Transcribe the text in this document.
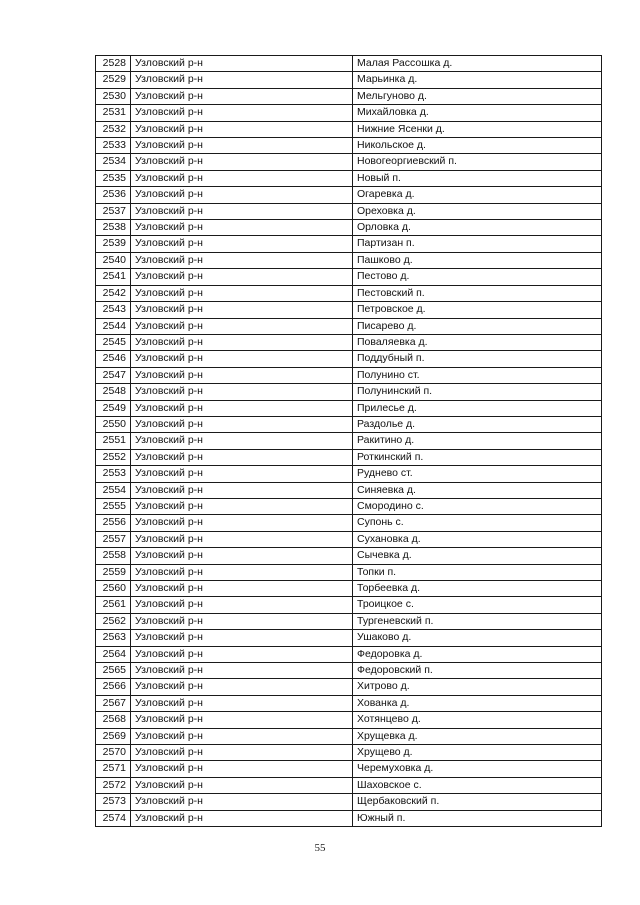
2528	Узловский р-н	Малая Рассошка д.
2529	Узловский р-н	Марьинка д.
2530	Узловский р-н	Мельгуново д.
2531	Узловский р-н	Михайловка д.
2532	Узловский р-н	Нижние Ясенки д.
2533	Узловский р-н	Никольское д.
2534	Узловский р-н	Новогеоргиевский п.
2535	Узловский р-н	Новый п.
2536	Узловский р-н	Огаревка д.
2537	Узловский р-н	Ореховка д.
2538	Узловский р-н	Орловка д.
2539	Узловский р-н	Партизан п.
2540	Узловский р-н	Пашково д.
2541	Узловский р-н	Пестово д.
2542	Узловский р-н	Пестовский п.
2543	Узловский р-н	Петровское д.
2544	Узловский р-н	Писарево д.
2545	Узловский р-н	Поваляевка д.
2546	Узловский р-н	Поддубный п.
2547	Узловский р-н	Полунино ст.
2548	Узловский р-н	Полунинский п.
2549	Узловский р-н	Прилесье д.
2550	Узловский р-н	Раздолье д.
2551	Узловский р-н	Ракитино д.
2552	Узловский р-н	Роткинский п.
2553	Узловский р-н	Руднево ст.
2554	Узловский р-н	Синяевка д.
2555	Узловский р-н	Смородино с.
2556	Узловский р-н	Супонь с.
2557	Узловский р-н	Сухановка д.
2558	Узловский р-н	Сычевка д.
2559	Узловский р-н	Топки п.
2560	Узловский р-н	Торбеевка д.
2561	Узловский р-н	Троицкое с.
2562	Узловский р-н	Тургеневский п.
2563	Узловский р-н	Ушаково д.
2564	Узловский р-н	Федоровка д.
2565	Узловский р-н	Федоровский п.
2566	Узловский р-н	Хитрово д.
2567	Узловский р-н	Хованка д.
2568	Узловский р-н	Хотянцево д.
2569	Узловский р-н	Хрущевка д.
2570	Узловский р-н	Хрущево д.
2571	Узловский р-н	Черемуховка д.
2572	Узловский р-н	Шаховское с.
2573	Узловский р-н	Щербаковский п.
2574	Узловский р-н	Южный п.
55
